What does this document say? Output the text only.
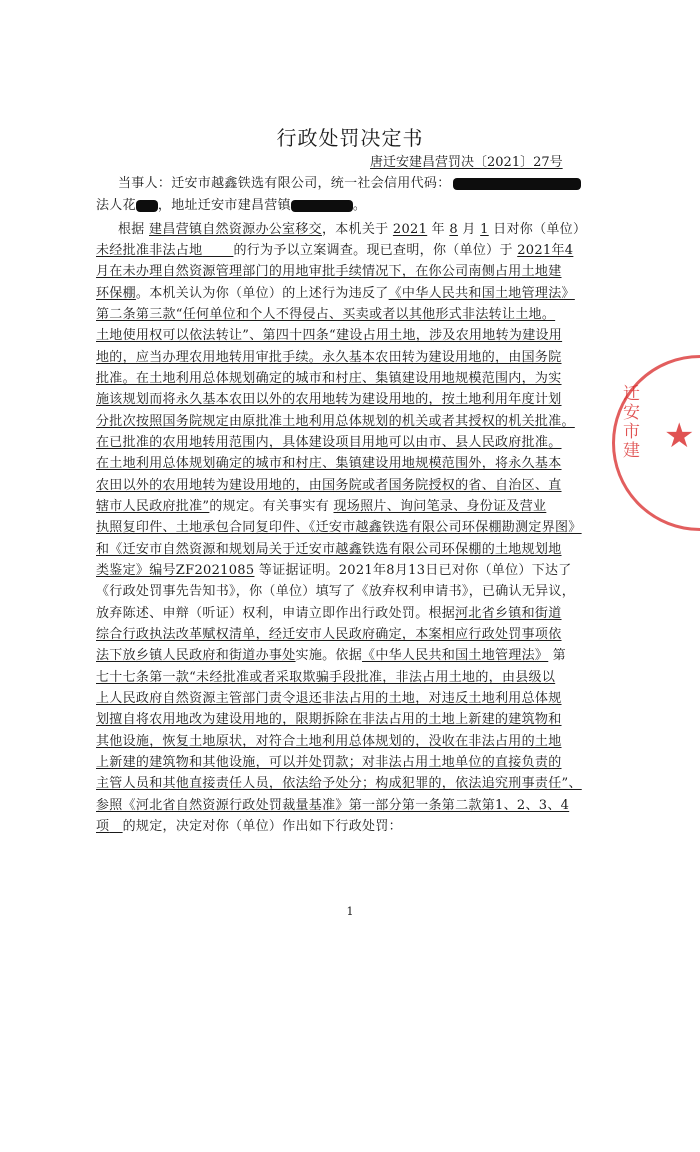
行政处罚决定书
唐迁安建昌营罚决〔2021〕27号
当事人：迁安市越鑫铁选有限公司，统一社会信用代码：
法人花 ，地址迁安市建昌营镇	。
根据 建昌营镇自然资源办公室移交，本机关于 2021 年 8 月 1 日对你（单位）
未经批准非法占地　　 的行为予以立案调查。现已查明，你（单位）于 2021年4
月在未办理自然资源管理部门的用地审批手续情况下，在你公司南侧占用土地建
环保棚。本机关认为你（单位）的上述行为违反了《中华人民共和国土地管理法》
第二条第三款“任何单位和个人不得侵占、买卖或者以其他形式非法转让土地。
土地使用权可以依法转让”、第四十四条“建设占用土地，涉及农用地转为建设用
地的，应当办理农用地转用审批手续。永久基本农田转为建设用地的，由国务院
批准。在土地利用总体规划确定的城市和村庄、集镇建设用地规模范围内，为实
施该规划而将永久基本农田以外的农用地转为建设用地的，按土地利用年度计划
分批次按照国务院规定由原批准土地利用总体规划的机关或者其授权的机关批准。
在已批准的农用地转用范围内，具体建设项目用地可以由市、县人民政府批准。
在土地利用总体规划确定的城市和村庄、集镇建设用地规模范围外，将永久基本
农田以外的农用地转为建设用地的，由国务院或者国务院授权的省、自治区、直
辖市人民政府批准”的规定。有关事实有 现场照片、询问笔录、身份证及营业
执照复印件、土地承包合同复印件、《迁安市越鑫铁选有限公司环保棚勘测定界图》
和《迁安市自然资源和规划局关于迁安市越鑫铁选有限公司环保棚的土地规划地
类鉴定》编号ZF2021085 等证据证明。2021年8月13日已对你（单位）下达了
《行政处罚事先告知书》，你（单位）填写了《放弃权利申请书》，已确认无异议，
放弃陈述、申辩（听证）权利，申请立即作出行政处罚。根据河北省乡镇和街道
综合行政执法改革赋权清单，经迁安市人民政府确定，本案相应行政处罚事项依
法下放乡镇人民政府和街道办事处实施。依据《中华人民共和国土地管理法》 第
七十七条第一款“未经批准或者采取欺骗手段批准，非法占用土地的，由县级以
上人民政府自然资源主管部门责令退还非法占用的土地，对违反土地利用总体规
划擅自将农用地改为建设用地的，限期拆除在非法占用的土地上新建的建筑物和
其他设施，恢复土地原状，对符合土地利用总体规划的，没收在非法占用的土地
上新建的建筑物和其他设施，可以并处罚款；对非法占用土地单位的直接负责的
主管人员和其他直接责任人员，依法给予处分；构成犯罪的，依法追究刑事责任”、
参照《河北省自然资源行政处罚裁量基准》第一部分第一条第二款第1、2、3、4
项　 的规定，决定对你（单位）作出如下行政处罚：
1
迁安市建 ★
